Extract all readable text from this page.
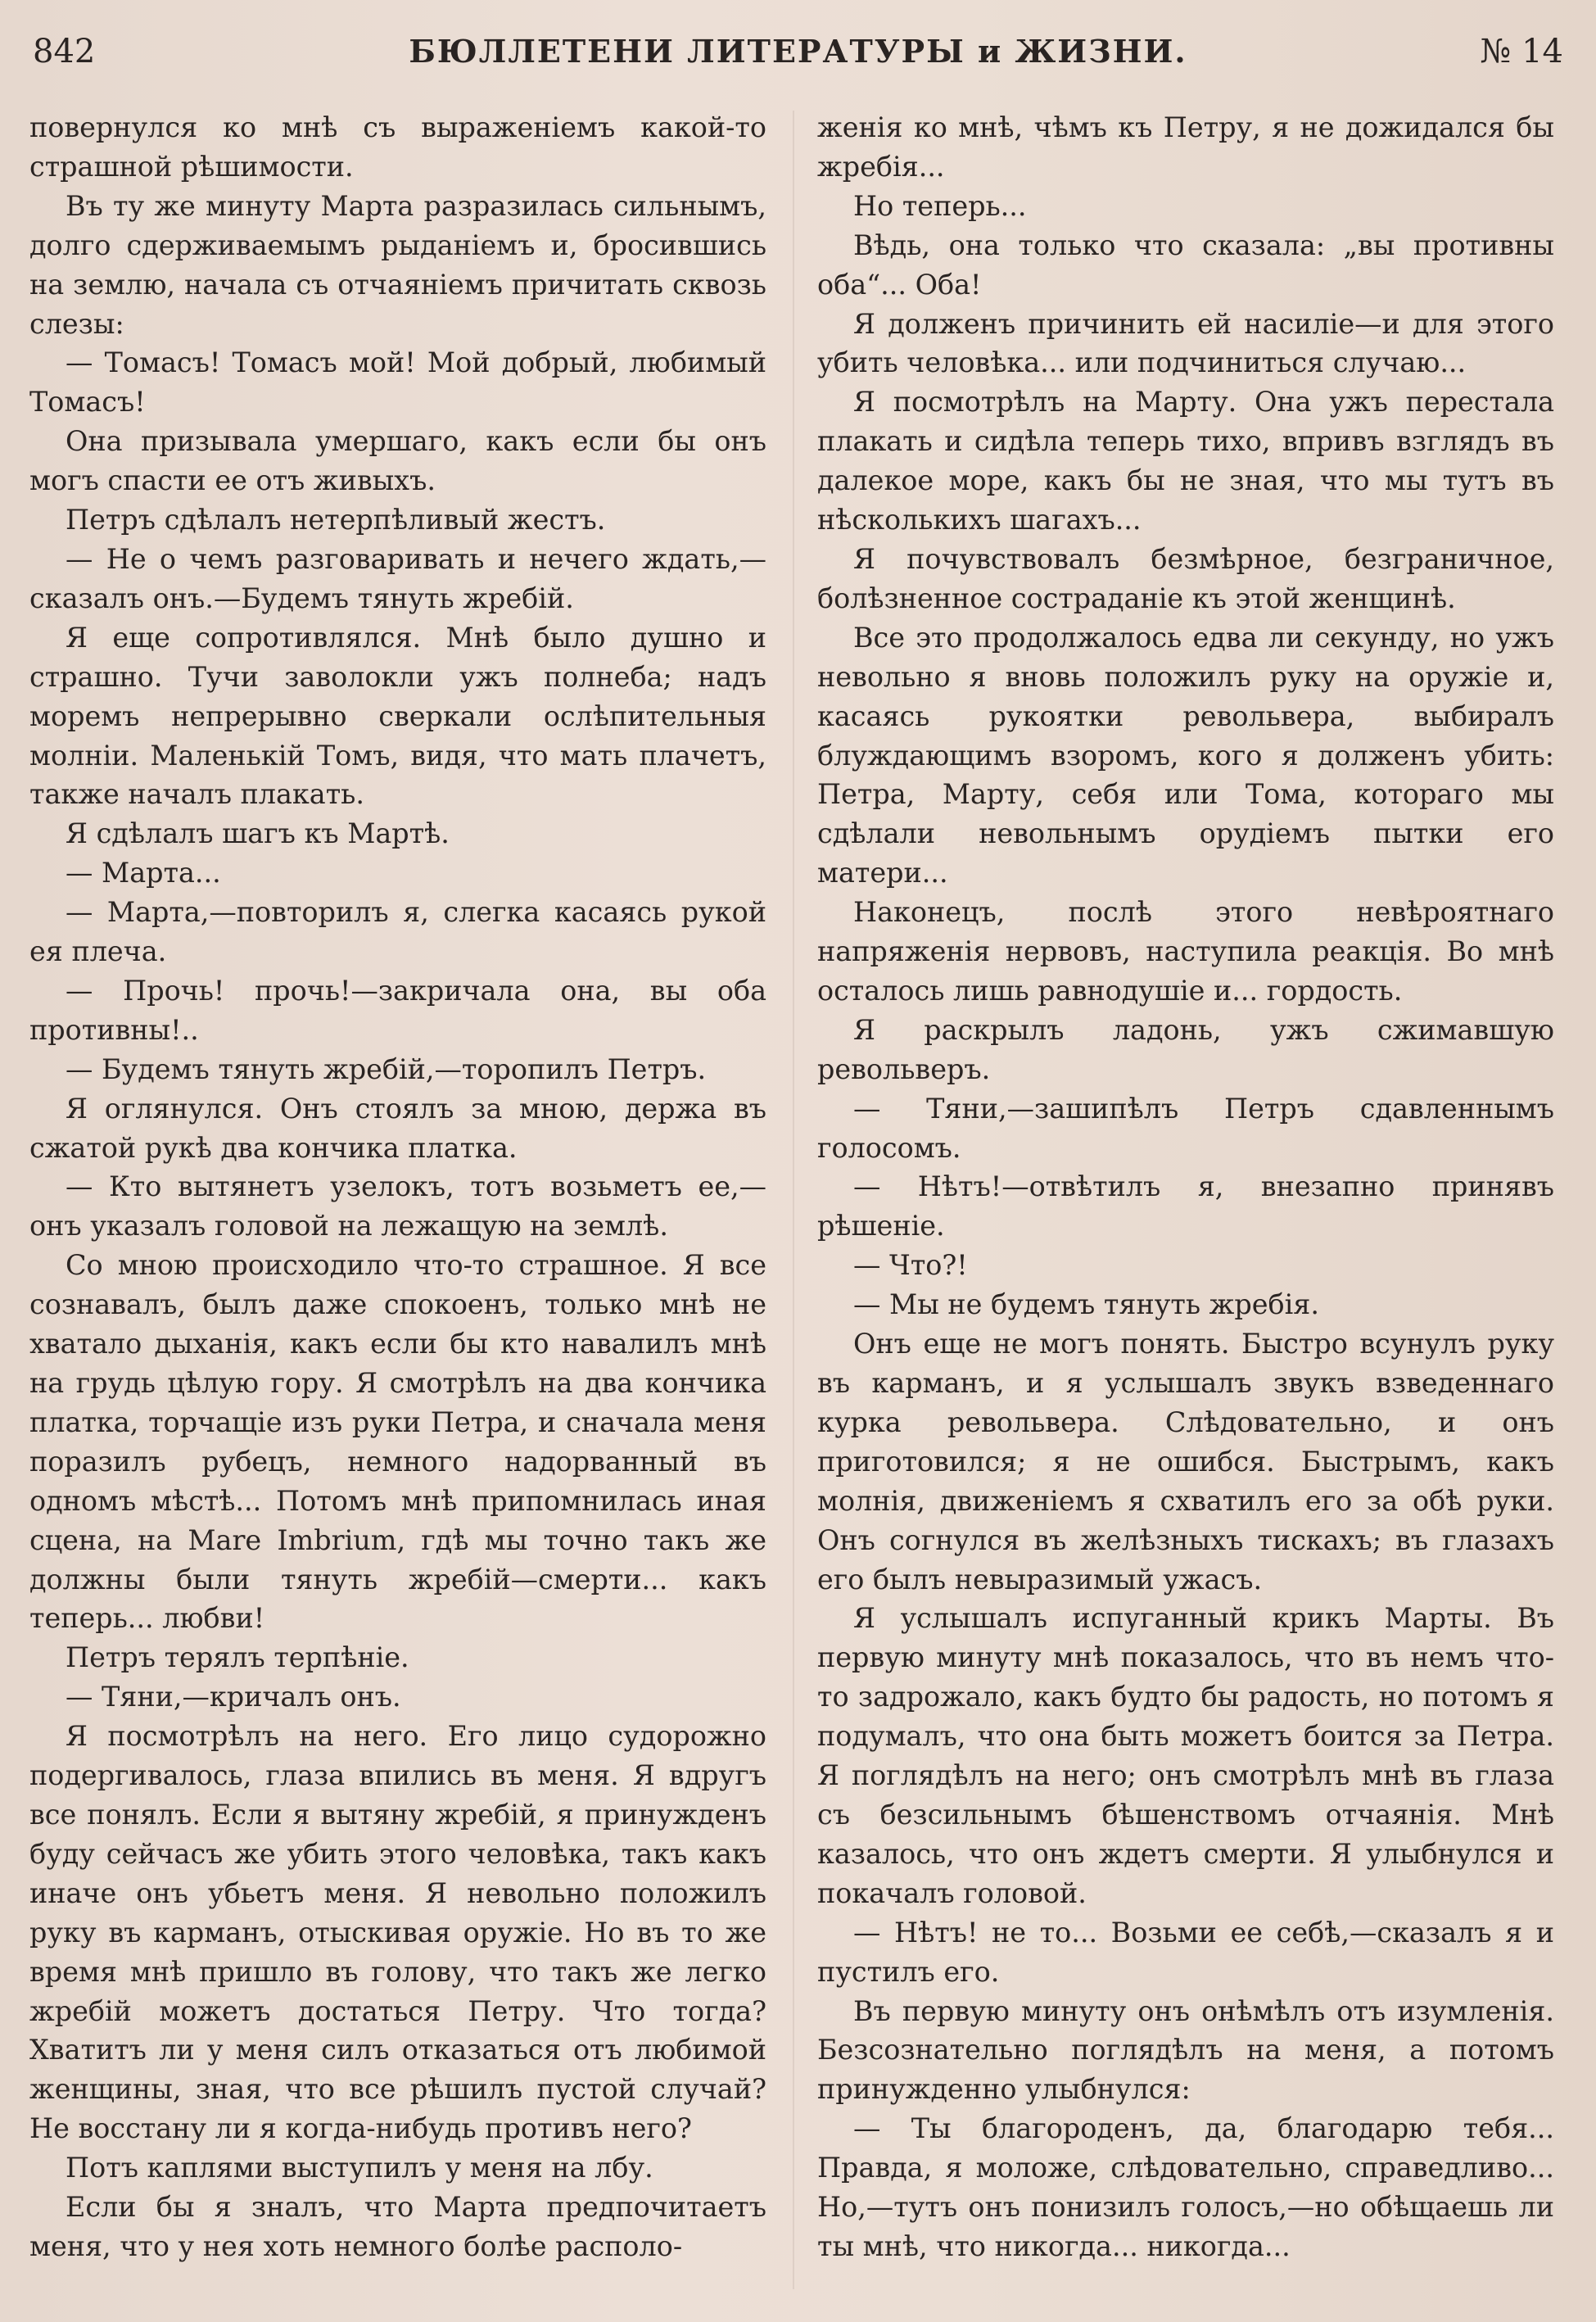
842	БЮЛЛЕТЕНИ ЛИТЕРАТУРЫ и ЖИЗНИ.	№ 14

повернулся ко мнѣ съ выраженіемъ какой-то страшной рѣшимости.

Въ ту же минуту Марта разразилась сильнымъ, долго сдерживаемымъ рыданіемъ и, бросившись на землю, начала съ отчаяніемъ причитать сквозь слезы:

— Томасъ! Томасъ мой! Мой добрый, любимый Томасъ!

Она призывала умершаго, какъ если бы онъ могъ спасти ее отъ живыхъ.

Петръ сдѣлалъ нетерпѣливый жестъ.

— Не о чемъ разговаривать и нечего ждать,—сказалъ онъ.—Будемъ тянуть жребій.

Я еще сопротивлялся. Мнѣ было душно и страшно. Тучи заволокли ужъ полнеба; надъ моремъ непрерывно сверкали ослѣпительныя молніи. Маленькій Томъ, видя, что мать плачетъ, также началъ плакать.

Я сдѣлалъ шагъ къ Мартѣ.

— Марта...

— Марта,—повторилъ я, слегка касаясь рукой ея плеча.

— Прочь! прочь!—закричала она, вы оба противны!..

— Будемъ тянуть жребій,—торопилъ Петръ.

Я оглянулся. Онъ стоялъ за мною, держа въ сжатой рукѣ два кончика платка.

— Кто вытянетъ узелокъ, тотъ возьметъ ее,—онъ указалъ головой на лежащую на землѣ.

Со мною происходило что-то страшное. Я все сознавалъ, былъ даже спокоенъ, только мнѣ не хватало дыханія, какъ если бы кто навалилъ мнѣ на грудь цѣлую гору. Я смотрѣлъ на два кончика платка, торчащіе изъ руки Петра, и сначала меня поразилъ рубецъ, немного надорванный въ одномъ мѣстѣ... Потомъ мнѣ припомнилась иная сцена, на Mare Imbrium, гдѣ мы точно такъ же должны были тянуть жребій—смерти... какъ теперь... любви!

Петръ терялъ терпѣніе.

— Тяни,—кричалъ онъ.

Я посмотрѣлъ на него. Его лицо судорожно подергивалось, глаза впились въ меня. Я вдругъ все понялъ. Если я вытяну жребій, я принужденъ буду сейчасъ же убить этого человѣка, такъ какъ иначе онъ убьетъ меня. Я невольно положилъ руку въ карманъ, отыскивая оружіе. Но въ то же время мнѣ пришло въ голову, что такъ же легко жребій можетъ достаться Петру. Что тогда? Хватитъ ли у меня силъ отказаться отъ любимой женщины, зная, что все рѣшилъ пустой случай? Не восстану ли я когда-нибудь противъ него?

Потъ каплями выступилъ у меня на лбу.

Если бы я зналъ, что Марта предпочитаетъ меня, что у нея хоть немного болѣе располо-

женія ко мнѣ, чѣмъ къ Петру, я не дожидался бы жребія...

Но теперь...

Вѣдь, она только что сказала: „вы противны оба“... Оба!

Я долженъ причинить ей насиліе—и для этого убить человѣка... или подчиниться случаю...

Я посмотрѣлъ на Марту. Она ужъ перестала плакать и сидѣла теперь тихо, впривъ взглядъ въ далекое море, какъ бы не зная, что мы тутъ въ нѣсколькихъ шагахъ...

Я почувствовалъ безмѣрное, безграничное, болѣзненное состраданіе къ этой женщинѣ.

Все это продолжалось едва ли секунду, но ужъ невольно я вновь положилъ руку на оружіе и, касаясь рукоятки револьвера, выбиралъ блуждающимъ взоромъ, кого я долженъ убить: Петра, Марту, себя или Тома, котораго мы сдѣлали невольнымъ орудіемъ пытки его матери...

Наконецъ, послѣ этого невѣроятнаго напряженія нервовъ, наступила реакція. Во мнѣ осталось лишь равнодушіе и... гордость.

Я раскрылъ ладонь, ужъ сжимавшую револьверъ.

— Тяни,—зашипѣлъ Петръ сдавленнымъ голосомъ.

— Нѣтъ!—отвѣтилъ я, внезапно принявъ рѣшеніе.

— Что?!

— Мы не будемъ тянуть жребія.

Онъ еще не могъ понять. Быстро всунулъ руку въ карманъ, и я услышалъ звукъ взведеннаго курка револьвера. Слѣдовательно, и онъ приготовился; я не ошибся. Быстрымъ, какъ молнія, движеніемъ я схватилъ его за обѣ руки. Онъ согнулся въ желѣзныхъ тискахъ; въ глазахъ его былъ невыразимый ужасъ.

Я услышалъ испуганный крикъ Марты. Въ первую минуту мнѣ показалось, что въ немъ что-то задрожало, какъ будто бы радость, но потомъ я подумалъ, что она быть можетъ боится за Петра. Я поглядѣлъ на него; онъ смотрѣлъ мнѣ въ глаза съ безсильнымъ бѣшенствомъ отчаянія. Мнѣ казалось, что онъ ждетъ смерти. Я улыбнулся и покачалъ головой.

— Нѣтъ! не то... Возьми ее себѣ,—сказалъ я и пустилъ его.

Въ первую минуту онъ онѣмѣлъ отъ изумленія. Безсознательно поглядѣлъ на меня, а потомъ принужденно улыбнулся:

— Ты благороденъ, да, благодарю тебя... Правда, я моложе, слѣдовательно, справедливо... Но,—тутъ онъ понизилъ голосъ,—но обѣщаешь ли ты мнѣ, что никогда... никогда...
